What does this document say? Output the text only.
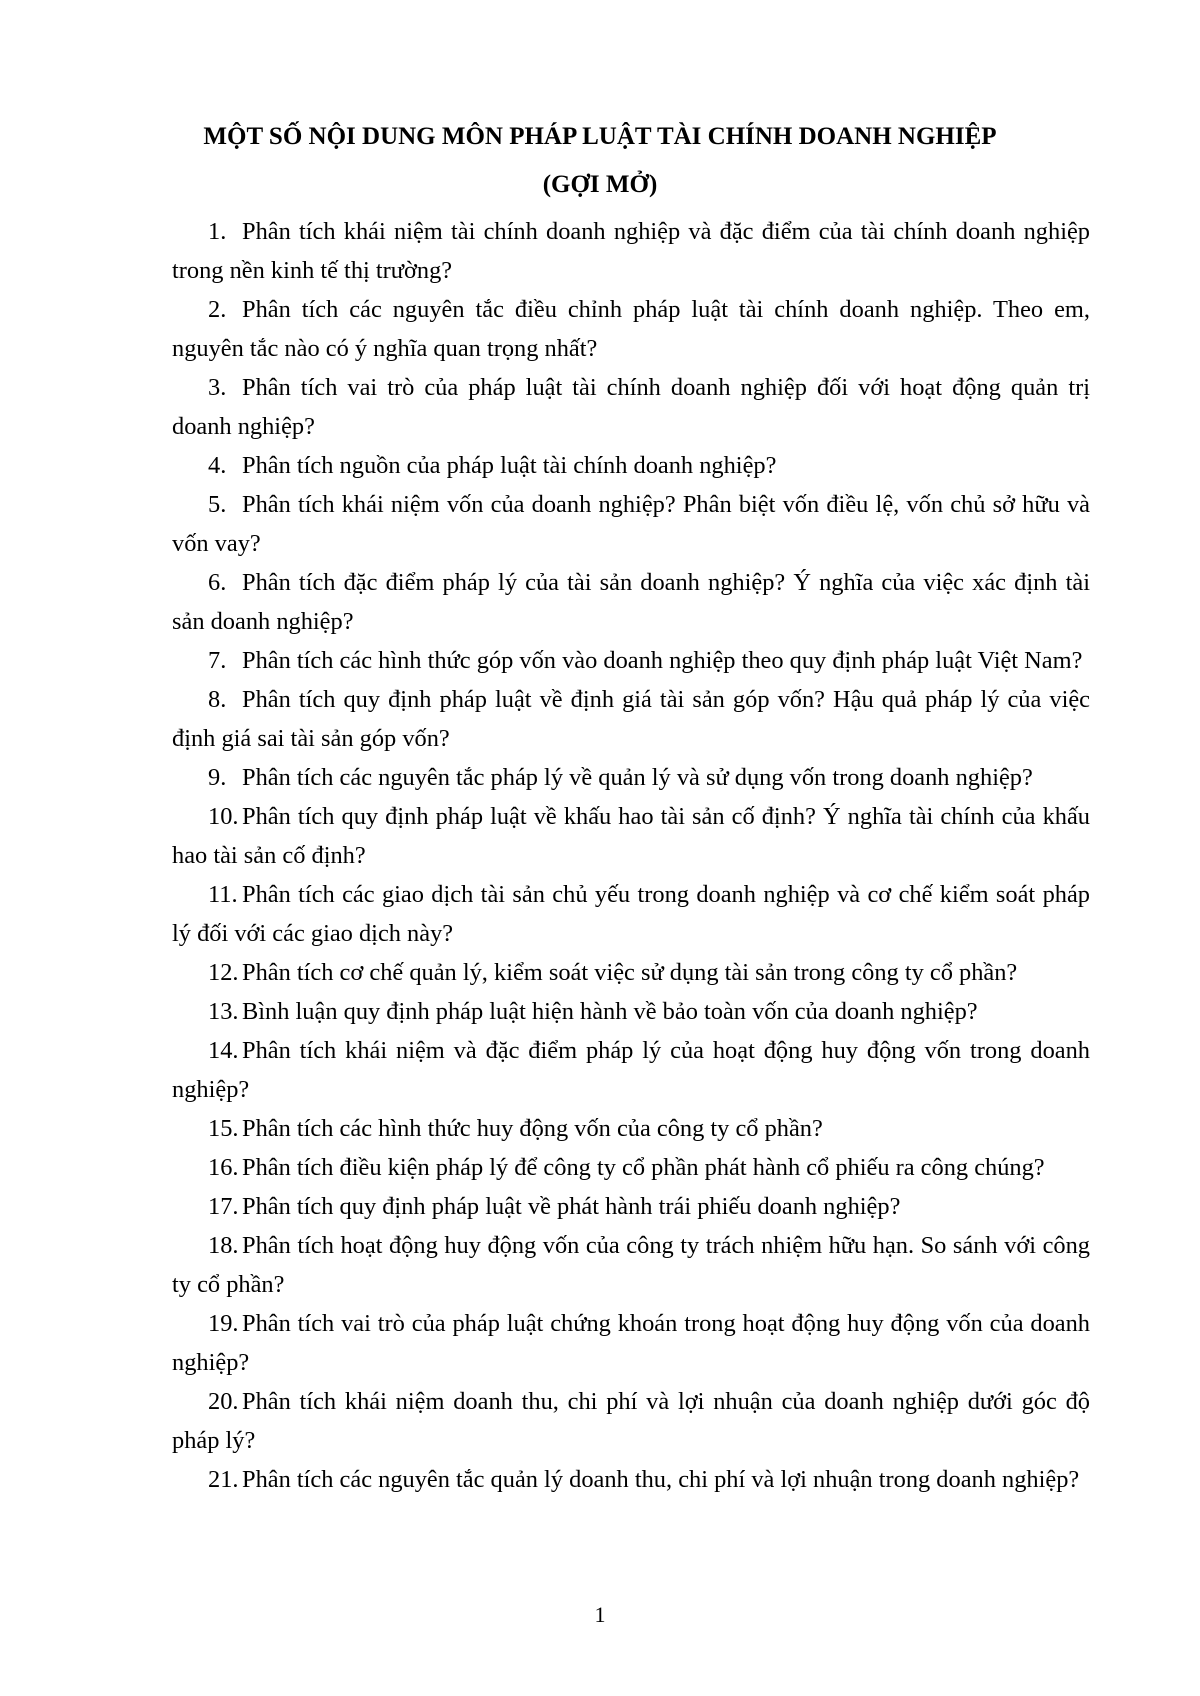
MỘT SỐ NỘI DUNG MÔN PHÁP LUẬT TÀI CHÍNH DOANH NGHIỆP
(GỢI MỞ)
1. Phân tích khái niệm tài chính doanh nghiệp và đặc điểm của tài chính doanh nghiệp trong nền kinh tế thị trường?
2. Phân tích các nguyên tắc điều chỉnh pháp luật tài chính doanh nghiệp. Theo em, nguyên tắc nào có ý nghĩa quan trọng nhất?
3. Phân tích vai trò của pháp luật tài chính doanh nghiệp đối với hoạt động quản trị doanh nghiệp?
4. Phân tích nguồn của pháp luật tài chính doanh nghiệp?
5. Phân tích khái niệm vốn của doanh nghiệp? Phân biệt vốn điều lệ, vốn chủ sở hữu và vốn vay?
6. Phân tích đặc điểm pháp lý của tài sản doanh nghiệp? Ý nghĩa của việc xác định tài sản doanh nghiệp?
7. Phân tích các hình thức góp vốn vào doanh nghiệp theo quy định pháp luật Việt Nam?
8. Phân tích quy định pháp luật về định giá tài sản góp vốn? Hậu quả pháp lý của việc định giá sai tài sản góp vốn?
9. Phân tích các nguyên tắc pháp lý về quản lý và sử dụng vốn trong doanh nghiệp?
10. Phân tích quy định pháp luật về khấu hao tài sản cố định? Ý nghĩa tài chính của khấu hao tài sản cố định?
11. Phân tích các giao dịch tài sản chủ yếu trong doanh nghiệp và cơ chế kiểm soát pháp lý đối với các giao dịch này?
12. Phân tích cơ chế quản lý, kiểm soát việc sử dụng tài sản trong công ty cổ phần?
13. Bình luận quy định pháp luật hiện hành về bảo toàn vốn của doanh nghiệp?
14. Phân tích khái niệm và đặc điểm pháp lý của hoạt động huy động vốn trong doanh nghiệp?
15. Phân tích các hình thức huy động vốn của công ty cổ phần?
16. Phân tích điều kiện pháp lý để công ty cổ phần phát hành cổ phiếu ra công chúng?
17. Phân tích quy định pháp luật về phát hành trái phiếu doanh nghiệp?
18. Phân tích hoạt động huy động vốn của công ty trách nhiệm hữu hạn. So sánh với công ty cổ phần?
19. Phân tích vai trò của pháp luật chứng khoán trong hoạt động huy động vốn của doanh nghiệp?
20. Phân tích khái niệm doanh thu, chi phí và lợi nhuận của doanh nghiệp dưới góc độ pháp lý?
21. Phân tích các nguyên tắc quản lý doanh thu, chi phí và lợi nhuận trong doanh nghiệp?
1
